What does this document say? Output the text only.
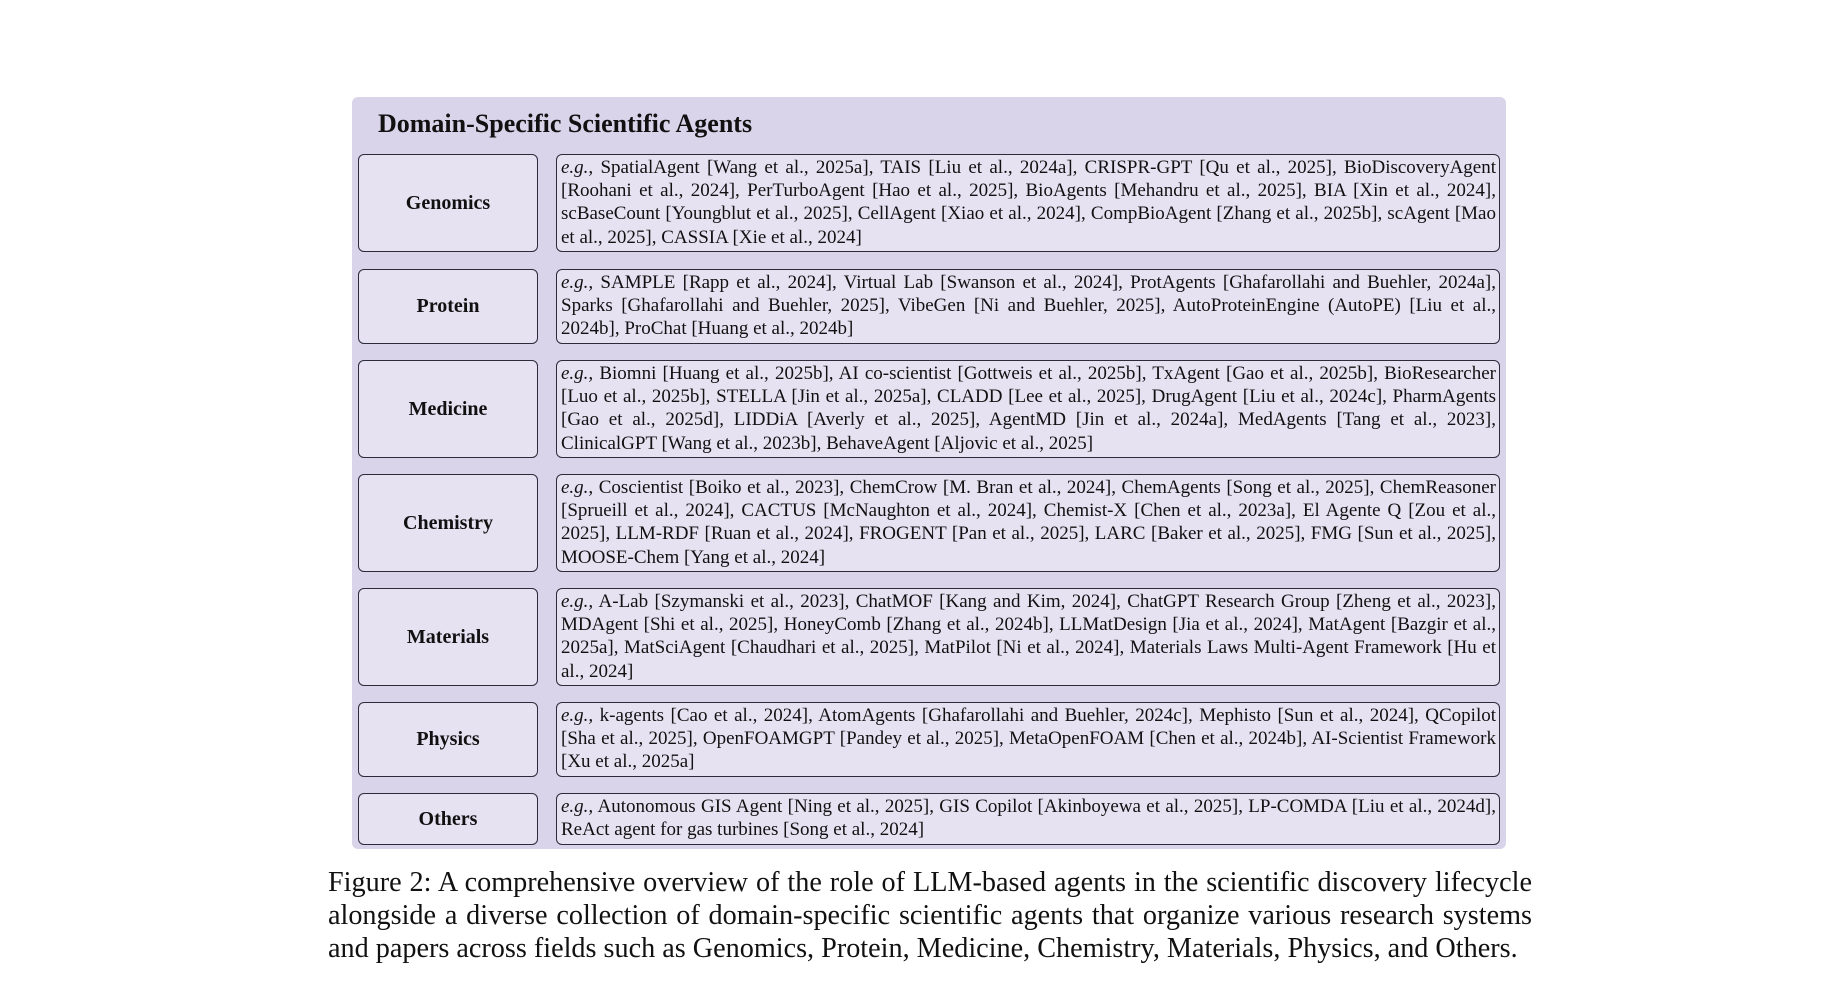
Domain-Specific Scientific Agents
Genomics
e.g., SpatialAgent [Wang et al., 2025a], TAIS [Liu et al., 2024a], CRISPR-GPT [Qu et al., 2025], BioDiscoveryAgent [Roohani et al., 2024], PerTurboAgent [Hao et al., 2025], BioAgents [Mehandru et al., 2025], BIA [Xin et al., 2024], scBaseCount [Youngblut et al., 2025], CellAgent [Xiao et al., 2024], CompBioAgent [Zhang et al., 2025b], scAgent [Mao et al., 2025], CASSIA [Xie et al., 2024]
Protein
e.g., SAMPLE [Rapp et al., 2024], Virtual Lab [Swanson et al., 2024], ProtAgents [Ghafarollahi and Buehler, 2024a], Sparks [Ghafarollahi and Buehler, 2025], VibeGen [Ni and Buehler, 2025], AutoProteinEngine (AutoPE) [Liu et al., 2024b], ProChat [Huang et al., 2024b]
Medicine
e.g., Biomni [Huang et al., 2025b], AI co-scientist [Gottweis et al., 2025b], TxAgent [Gao et al., 2025b], BioResearcher [Luo et al., 2025b], STELLA [Jin et al., 2025a], CLADD [Lee et al., 2025], DrugAgent [Liu et al., 2024c], PharmAgents [Gao et al., 2025d], LIDDiA [Averly et al., 2025], AgentMD [Jin et al., 2024a], MedAgents [Tang et al., 2023], ClinicalGPT [Wang et al., 2023b], BehaveAgent [Aljovic et al., 2025]
Chemistry
e.g., Coscientist [Boiko et al., 2023], ChemCrow [M. Bran et al., 2024], ChemAgents [Song et al., 2025], ChemReasoner [Sprueill et al., 2024], CACTUS [McNaughton et al., 2024], Chemist-X [Chen et al., 2023a], El Agente Q [Zou et al., 2025], LLM-RDF [Ruan et al., 2024], FROGENT [Pan et al., 2025], LARC [Baker et al., 2025], FMG [Sun et al., 2025], MOOSE-Chem [Yang et al., 2024]
Materials
e.g., A-Lab [Szymanski et al., 2023], ChatMOF [Kang and Kim, 2024], ChatGPT Research Group [Zheng et al., 2023], MDAgent [Shi et al., 2025], HoneyComb [Zhang et al., 2024b], LLMatDesign [Jia et al., 2024], MatAgent [Bazgir et al., 2025a], MatSciAgent [Chaudhari et al., 2025], MatPilot [Ni et al., 2024], Materials Laws Multi-Agent Framework [Hu et al., 2024]
Physics
e.g., k-agents [Cao et al., 2024], AtomAgents [Ghafarollahi and Buehler, 2024c], Mephisto [Sun et al., 2024], QCopilot [Sha et al., 2025], OpenFOAMGPT [Pandey et al., 2025], MetaOpenFOAM [Chen et al., 2024b], AI-Scientist Framework [Xu et al., 2025a]
Others
e.g., Autonomous GIS Agent [Ning et al., 2025], GIS Copilot [Akinboyewa et al., 2025], LP-COMDA [Liu et al., 2024d], ReAct agent for gas turbines [Song et al., 2024]
Figure 2: A comprehensive overview of the role of LLM-based agents in the scientific discovery lifecycle alongside a diverse collection of domain-specific scientific agents that organize various research systems and papers across fields such as Genomics, Protein, Medicine, Chemistry, Materials, Physics, and Others.
